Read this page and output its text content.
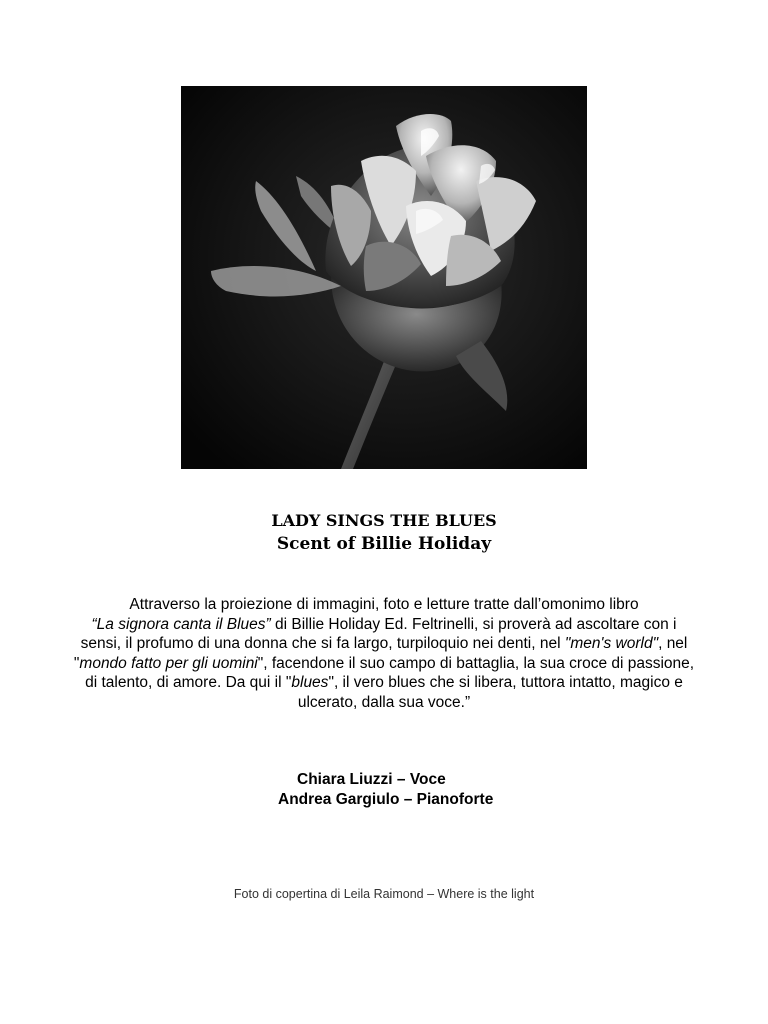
LADY SINGS THE BLUES
Scent of Billie Holiday

Attraverso la proiezione di immagini, foto e letture tratte dall’omonimo libro
“La signora canta il Blues” di Billie Holiday Ed. Feltrinelli, si proverà ad ascoltare con i sensi, il profumo di una donna che si fa largo, turpiloquio nei denti, nel "men's world", nel "mondo fatto per gli uomini", facendone il suo campo di battaglia, la sua croce di passione, di talento, di amore. Da qui il "blues", il vero blues che si libera, tuttora intatto, magico e ulcerato, dalla sua voce.”

Chiara Liuzzi – Voce
Andrea Gargiulo – Pianoforte
Foto di copertina di Leila Raimond – Where is the light
